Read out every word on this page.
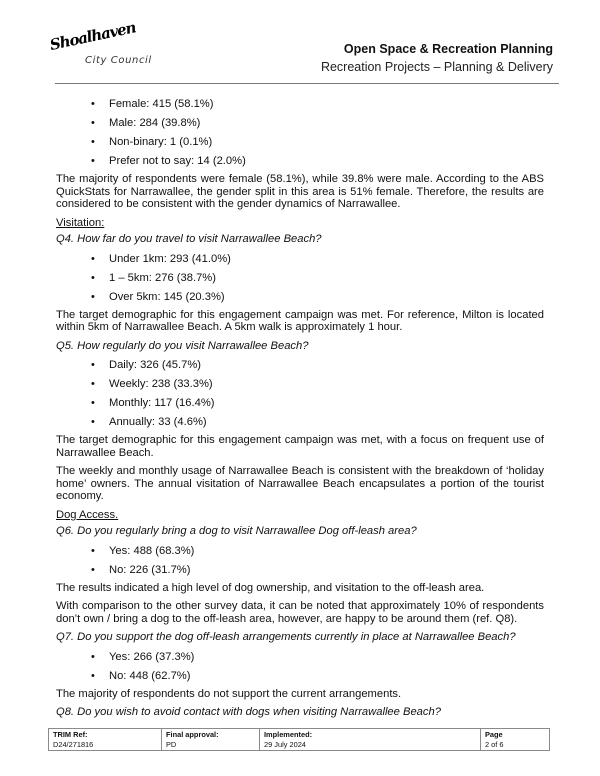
Shoalhaven
City Council
Open Space & Recreation Planning
Recreation Projects – Planning & Delivery
• Female: 415 (58.1%)
• Male: 284 (39.8%)
• Non-binary: 1 (0.1%)
• Prefer not to say: 14 (2.0%)

The majority of respondents were female (58.1%), while 39.8% were male. According to the ABS QuickStats for Narrawallee, the gender split in this area is 51% female. Therefore, the results are considered to be consistent with the gender dynamics of Narrawallee.

Visitation:

Q4. How far do you travel to visit Narrawallee Beach?

• Under 1km: 293 (41.0%)
• 1 – 5km: 276 (38.7%)
• Over 5km: 145 (20.3%)

The target demographic for this engagement campaign was met. For reference, Milton is located within 5km of Narrawallee Beach. A 5km walk is approximately 1 hour.

Q5. How regularly do you visit Narrawallee Beach?

• Daily: 326 (45.7%)
• Weekly: 238 (33.3%)
• Monthly: 117 (16.4%)
• Annually: 33 (4.6%)

The target demographic for this engagement campaign was met, with a focus on frequent use of Narrawallee Beach.

The weekly and monthly usage of Narrawallee Beach is consistent with the breakdown of ‘holiday home’ owners. The annual visitation of Narrawallee Beach encapsulates a portion of the tourist economy.

Dog Access.

Q6. Do you regularly bring a dog to visit Narrawallee Dog off-leash area?

• Yes: 488 (68.3%)
• No: 226 (31.7%)

The results indicated a high level of dog ownership, and visitation to the off-leash area.

With comparison to the other survey data, it can be noted that approximately 10% of respondents don’t own / bring a dog to the off-leash area, however, are happy to be around them (ref. Q8).

Q7. Do you support the dog off-leash arrangements currently in place at Narrawallee Beach?

• Yes: 266 (37.3%)
• No: 448 (62.7%)

The majority of respondents do not support the current arrangements.

Q8. Do you wish to avoid contact with dogs when visiting Narrawallee Beach?

TRIM Ref:
D24/271816

Final approval:
PD

Implemented:
29 July 2024

Page
2 of 6
